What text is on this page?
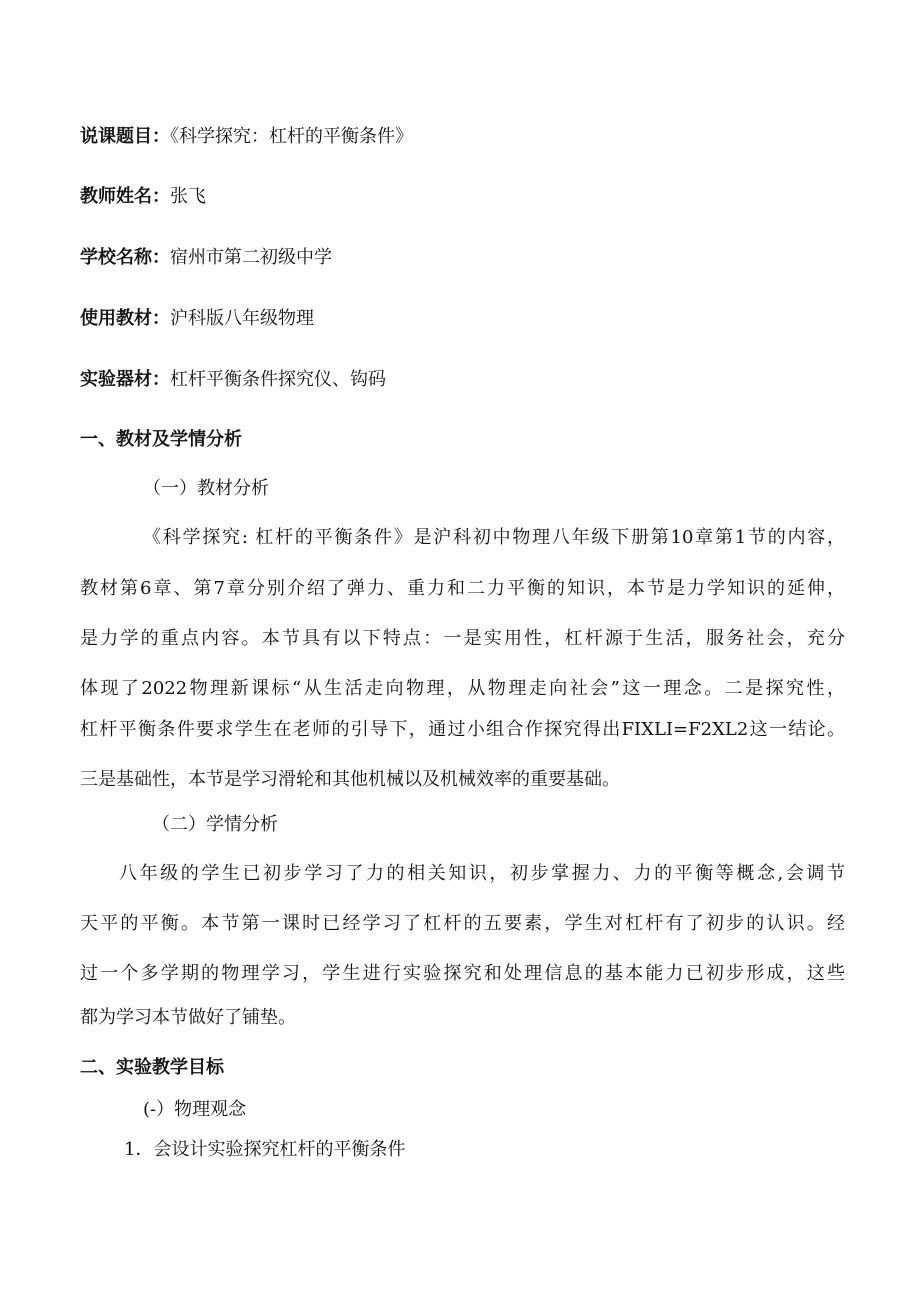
说课题目：《科学探究：杠杆的平衡条件》
教师姓名：张飞
学校名称：宿州市第二初级中学
使用教材：沪科版八年级物理
实验器材：杠杆平衡条件探究仪、钩码
一、教材及学情分析
（一）教材分析
《科学探究: 杠杆的平衡条件》是沪科初中物理八年级下册第10章第1节的内容，
教材第6章、第7章分别介绍了弹力、重力和二力平衡的知识，本节是力学知识的延伸，
是力学的重点内容。本节具有以下特点：一是实用性，杠杆源于生活，服务社会，充分
体现了2022物理新课标“从生活走向物理，从物理走向社会”这一理念。二是探究性，
杠杆平衡条件要求学生在老师的引导下，通过小组合作探究得出FIXLI=F2XL2这一结论。
三是基础性，本节是学习滑轮和其他机械以及机械效率的重要基础。
（二）学情分析
八年级的学生已初步学习了力的相关知识，初步掌握力、力的平衡等概念,会调节
天平的平衡。本节第一课时已经学习了杠杆的五要素，学生对杠杆有了初步的认识。经
过一个多学期的物理学习，学生进行实验探究和处理信息的基本能力已初步形成，这些
都为学习本节做好了铺垫。
二、实验教学目标
(-）物理观念
1．会设计实验探究杠杆的平衡条件
